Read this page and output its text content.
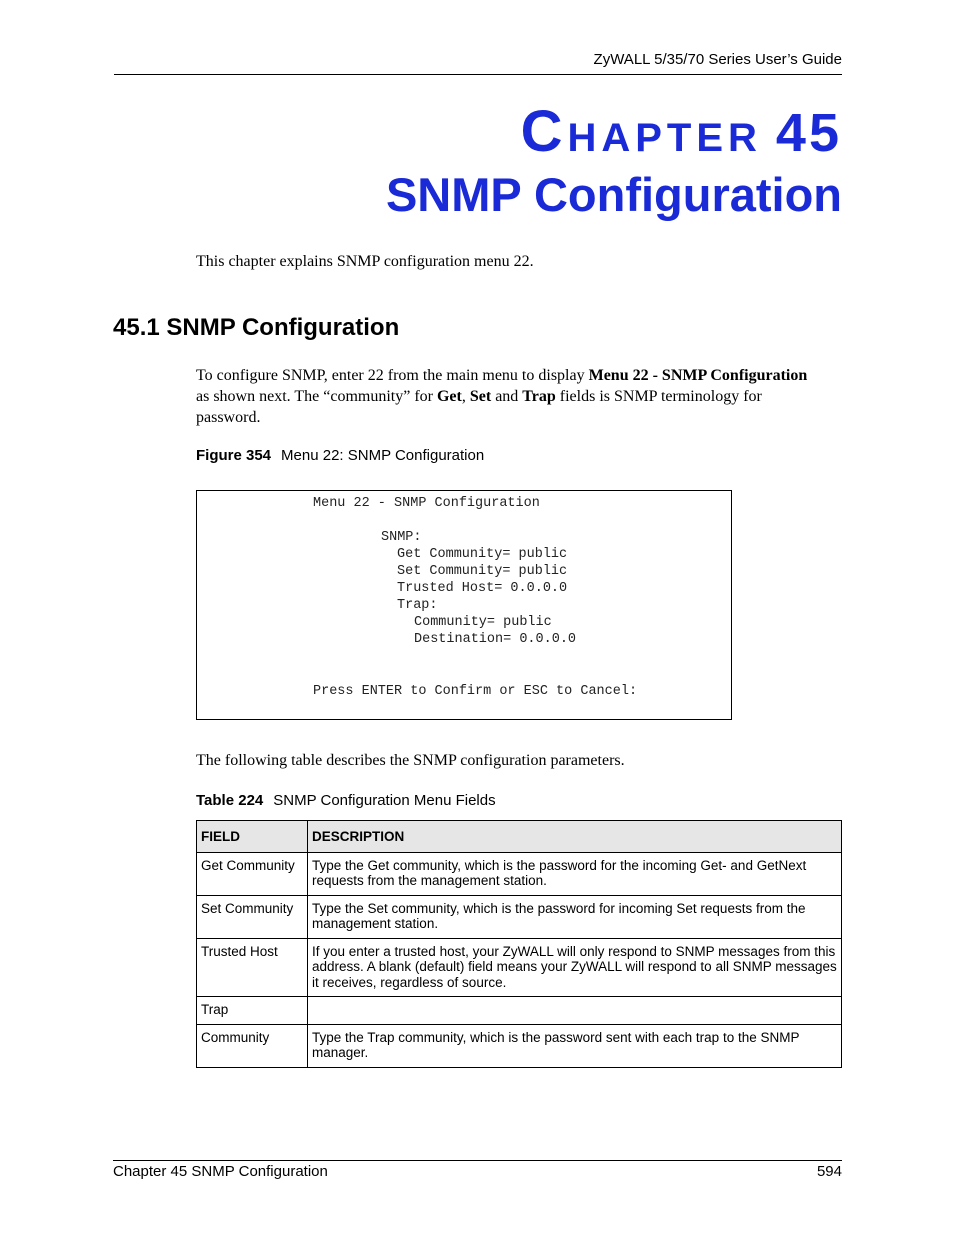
ZyWALL 5/35/70 Series User’s Guide
CHAPTER 45
SNMP Configuration
This chapter explains SNMP configuration menu 22.
45.1 SNMP Configuration
To configure SNMP, enter 22 from the main menu to display Menu 22 - SNMP Configuration as shown next. The “community” for Get, Set and Trap fields is SNMP terminology for password.
Figure 354 Menu 22: SNMP Configuration
Menu 22 - SNMP Configuration
SNMP:
Get Community= public
Set Community= public
Trusted Host= 0.0.0.0
Trap:
Community= public
Destination= 0.0.0.0
Press ENTER to Confirm or ESC to Cancel:
The following table describes the SNMP configuration parameters.
Table 224 SNMP Configuration Menu Fields
FIELD	DESCRIPTION
Get Community	Type the Get community, which is the password for the incoming Get- and GetNext requests from the management station.
Set Community	Type the Set community, which is the password for incoming Set requests from the management station.
Trusted Host	If you enter a trusted host, your ZyWALL will only respond to SNMP messages from this address. A blank (default) field means your ZyWALL will respond to all SNMP messages it receives, regardless of source.
Trap	
Community	Type the Trap community, which is the password sent with each trap to the SNMP manager.
Chapter 45 SNMP Configuration	594
